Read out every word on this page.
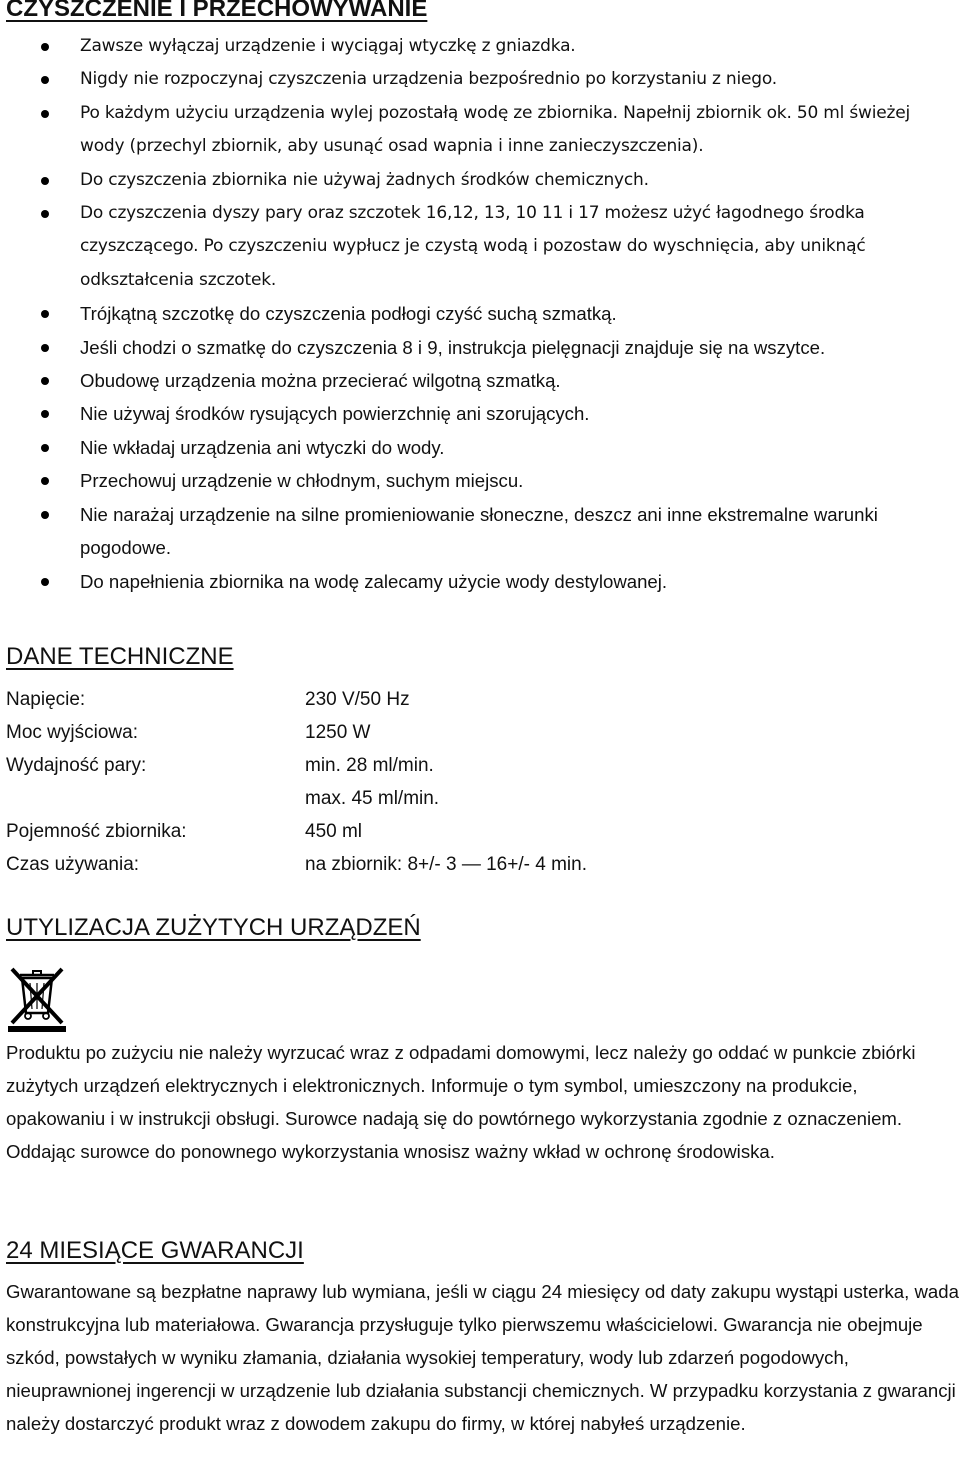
CZYSZCZENIE I PRZECHOWYWANIE
Zawsze wyłączaj urządzenie i wyciągaj wtyczkę z gniazdka.
Nigdy nie rozpoczynaj czyszczenia urządzenia bezpośrednio po korzystaniu z niego.
Po każdym użyciu urządzenia wylej pozostałą wodę ze zbiornika. Napełnij zbiornik ok. 50 ml świeżej wody (przechyl zbiornik, aby usunąć osad wapnia i inne zanieczyszczenia).
Do czyszczenia zbiornika nie używaj żadnych środków chemicznych.
Do czyszczenia dyszy pary oraz szczotek 16,12, 13, 10 11 i 17 możesz użyć łagodnego środka czyszczącego. Po czyszczeniu wypłucz je czystą wodą i pozostaw do wyschnięcia, aby uniknąć odkształcenia szczotek.
Trójkątną szczotkę do czyszczenia podłogi czyść suchą szmatką.
Jeśli chodzi o szmatkę do czyszczenia 8 i 9, instrukcja pielęgnacji znajduje się na wszytce.
Obudowę urządzenia można przecierać wilgotną szmatką.
Nie używaj środków rysujących powierzchnię ani szorujących.
Nie wkładaj urządzenia ani wtyczki do wody.
Przechowuj urządzenie w chłodnym, suchym miejscu.
Nie narażaj urządzenie na silne promieniowanie słoneczne, deszcz ani inne ekstremalne warunki pogodowe.
Do napełnienia zbiornika na wodę zalecamy użycie wody destylowanej.
DANE TECHNICZNE
Napięcie:	230 V/50 Hz
Moc wyjściowa:	1250 W
Wydajność pary:	min. 28 ml/min.
max. 45 ml/min.
Pojemność zbiornika:	450 ml
Czas używania:	na zbiornik: 8+/- 3 — 16+/- 4 min.
UTYLIZACJA ZUŻYTYCH URZĄDZEŃ

Produktu po zużyciu nie należy wyrzucać wraz z odpadami domowymi, lecz należy go oddać w punkcie zbiórki zużytych urządzeń elektrycznych i elektronicznych. Informuje o tym symbol, umieszczony na produkcie, opakowaniu i w instrukcji obsługi. Surowce nadają się do powtórnego wykorzystania zgodnie z oznaczeniem. Oddając surowce do ponownego wykorzystania wnosisz ważny wkład w ochronę środowiska.

24 MIESIĄCE GWARANCJI

Gwarantowane są bezpłatne naprawy lub wymiana, jeśli w ciągu 24 miesięcy od daty zakupu wystąpi usterka, wada konstrukcyjna lub materiałowa. Gwarancja przysługuje tylko pierwszemu właścicielowi. Gwarancja nie obejmuje szkód, powstałych w wyniku złamania, działania wysokiej temperatury, wody lub zdarzeń pogodowych, nieuprawnionej ingerencji w urządzenie lub działania substancji chemicznych. W przypadku korzystania z gwarancji należy dostarczyć produkt wraz z dowodem zakupu do firmy, w której nabyłeś urządzenie.
